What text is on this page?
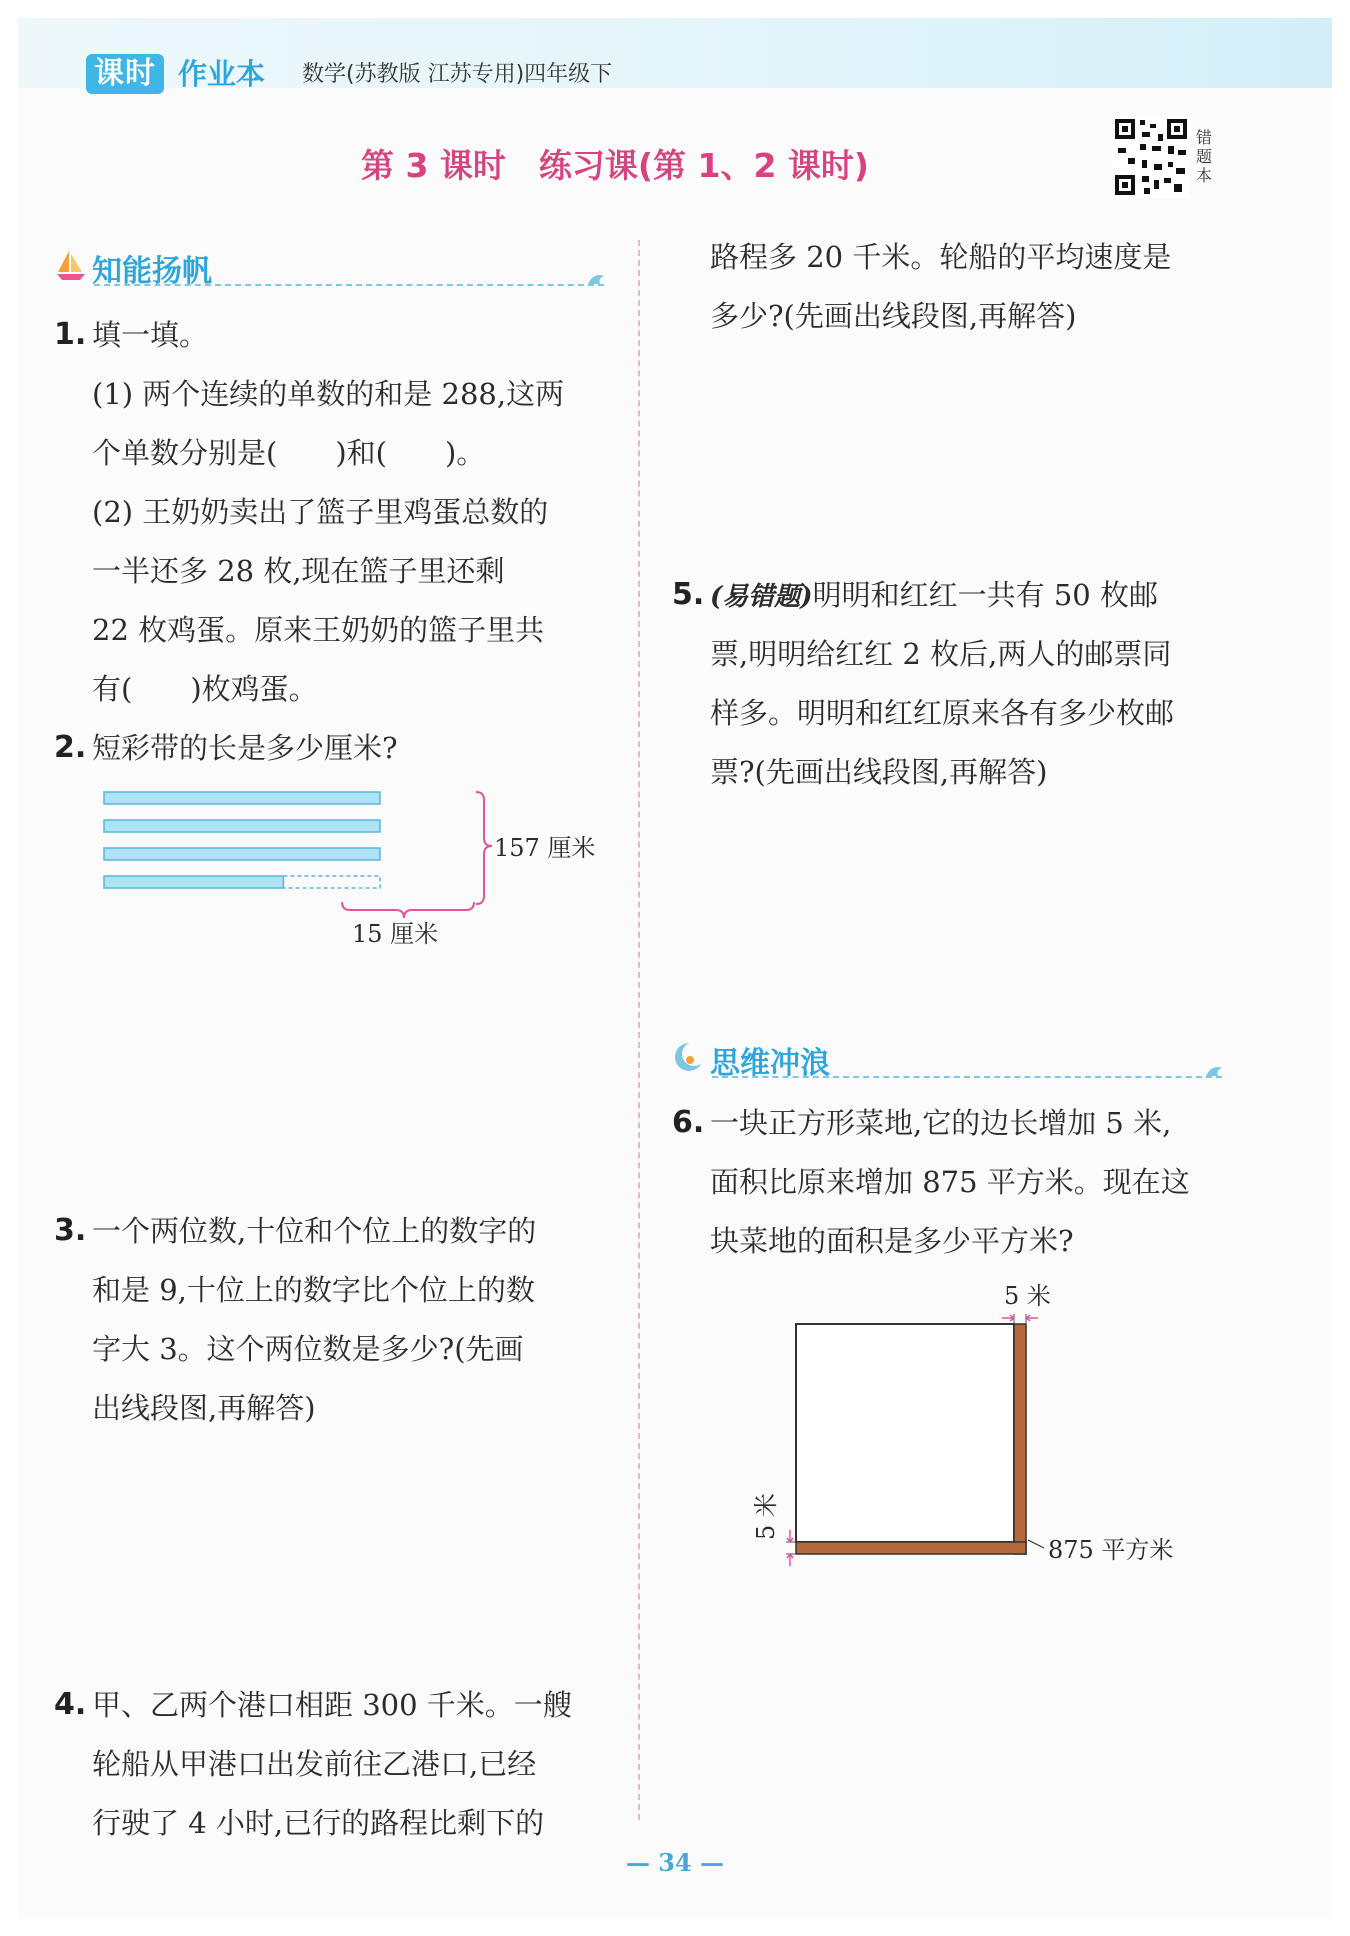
课时 作业本 数学(苏教版 江苏专用)四年级下
第 3 课时　练习课(第 1、2 课时)
错题本
知能扬帆
1. 填一填。
(1) 两个连续的单数的和是 288,这两
个单数分别是(　　)和(　　)。
(2) 王奶奶卖出了篮子里鸡蛋总数的
一半还多 28 枚,现在篮子里还剩
22 枚鸡蛋。原来王奶奶的篮子里共
有(　　)枚鸡蛋。
2. 短彩带的长是多少厘米?
157 厘米
15 厘米
3. 一个两位数,十位和个位上的数字的
和是 9,十位上的数字比个位上的数
字大 3。这个两位数是多少?(先画
出线段图,再解答)
4. 甲、乙两个港口相距 300 千米。一艘
轮船从甲港口出发前往乙港口,已经
行驶了 4 小时,已行的路程比剩下的
路程多 20 千米。轮船的平均速度是
多少?(先画出线段图,再解答)
5. (易错题)明明和红红一共有 50 枚邮
票,明明给红红 2 枚后,两人的邮票同
样多。明明和红红原来各有多少枚邮
票?(先画出线段图,再解答)
思维冲浪
6. 一块正方形菜地,它的边长增加 5 米,
面积比原来增加 875 平方米。现在这
块菜地的面积是多少平方米?
5 米
5 米
875 平方米
— 34 —
